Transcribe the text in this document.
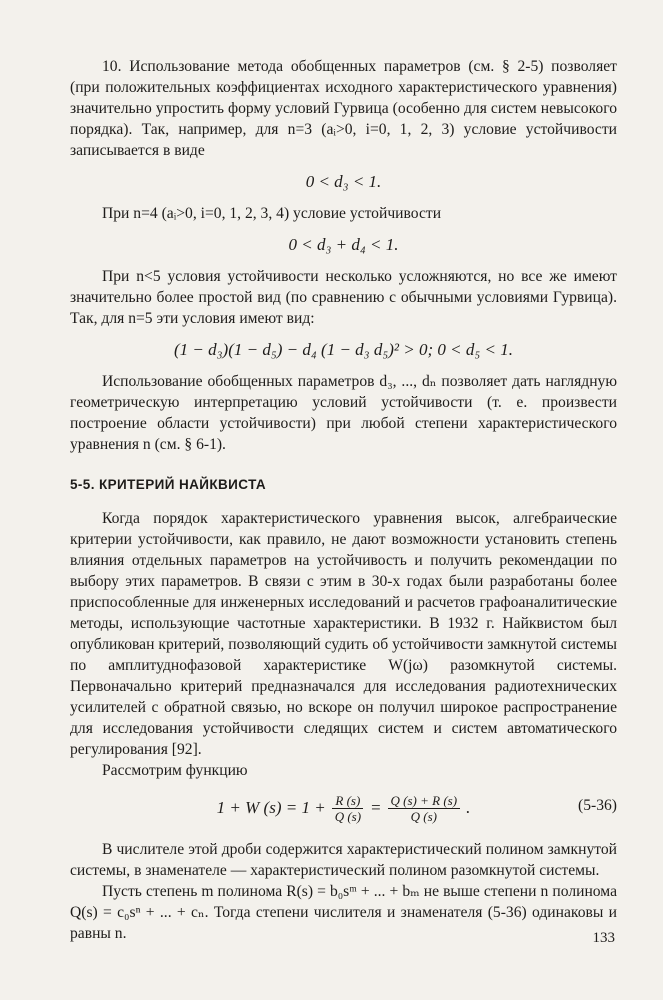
10. Использование метода обобщенных параметров (см. § 2-5) позволяет (при положительных коэффициентах исходного характеристического уравнения) значительно упростить форму условий Гурвица (особенно для систем невысокого порядка). Так, например, для n=3 (aᵢ>0, i=0, 1, 2, 3) условие устойчивости записывается в виде

0 < d₃ < 1.

При n=4 (aᵢ>0, i=0, 1, 2, 3, 4) условие устойчивости

0 < d₃ + d₄ < 1.

При n<5 условия устойчивости несколько усложняются, но все же имеют значительно более простой вид (по сравнению с обычными условиями Гурвица). Так, для n=5 эти условия имеют вид:

(1 − d₃)(1 − d₅) − d₄ (1 − d₃ d₅)² > 0; 0 < d₅ < 1.

Использование обобщенных параметров d₃, ..., dₙ позволяет дать наглядную геометрическую интерпретацию условий устойчивости (т. е. произвести построение области устойчивости) при любой степени характеристического уравнения n (см. § 6-1).

5-5. КРИТЕРИЙ НАЙКВИСТА

Когда порядок характеристического уравнения высок, алгебраические критерии устойчивости, как правило, не дают возможности установить степень влияния отдельных параметров на устойчивость и получить рекомендации по выбору этих параметров. В связи с этим в 30-х годах были разработаны более приспособленные для инженерных исследований и расчетов графоаналитические методы, использующие частотные характеристики. В 1932 г. Найквистом был опубликован критерий, позволяющий судить об устойчивости замкнутой системы по амплитуднофазовой характеристике W(jω) разомкнутой системы. Первоначально критерий предназначался для исследования радиотехнических усилителей с обратной связью, но вскоре он получил широкое распространение для исследования устойчивости следящих систем и систем автоматического регулирования [92].

Рассмотрим функцию

1 + W $(s) = 1 + \frac{R (s)}{Q (s)} = \frac{Q (s) + R (s)}{Q (s)}$ .	(5-36)

В числителе этой дроби содержится характеристический полином замкнутой системы, в знаменателе — характеристический полином разомкнутой системы.

Пусть степень m полинома R(s) = b₀sᵐ + ... + bₘ не выше степени n полинома Q(s) = c₀sⁿ + ... + cₙ. Тогда степени числителя и знаменателя (5-36) одинаковы и равны n.	133
